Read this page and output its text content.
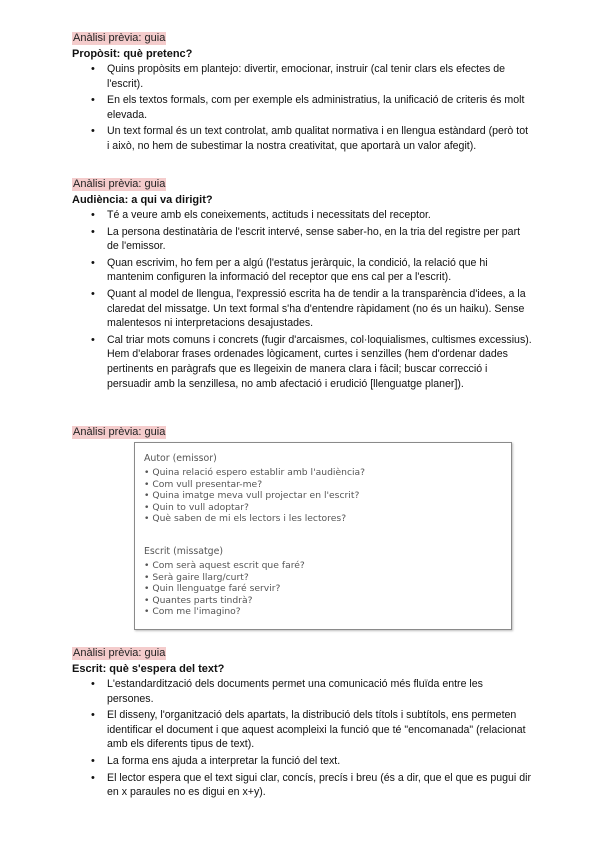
Anàlisi prèvia: guia
Propòsit: què pretenc?
• Quins propòsits em plantejo: divertir, emocionar, instruir (cal tenir clars els efectes de l'escrit).
• En els textos formals, com per exemple els administratius, la unificació de criteris és molt elevada.
• Un text formal és un text controlat, amb qualitat normativa i en llengua estàndard (però tot i això, no hem de subestimar la nostra creativitat, que aportarà un valor afegit).
Anàlisi prèvia: guia
Audiència: a qui va dirigit?
• Té a veure amb els coneixements, actituds i necessitats del receptor.
• La persona destinatària de l'escrit intervé, sense saber-ho, en la tria del registre per part de l'emissor.
• Quan escrivim, ho fem per a algú (l'estatus jeràrquic, la condició, la relació que hi mantenim configuren la informació del receptor que ens cal per a l'escrit).
• Quant al model de llengua, l'expressió escrita ha de tendir a la transparència d'idees, a la claredat del missatge. Un text formal s'ha d'entendre ràpidament (no és un haiku). Sense malentesos ni interpretacions desajustades.
• Cal triar mots comuns i concrets (fugir d'arcaismes, col·loquialismes, cultismes excessius). Hem d'elaborar frases ordenades lògicament, curtes i senzilles (hem d'ordenar dades pertinents en paràgrafs que es llegeixin de manera clara i fàcil; buscar correcció i persuadir amb la senzillesa, no amb afectació i erudició [llenguatge planer]).
Anàlisi prèvia: guia
Autor (emissor)
• Quina relació espero establir amb l'audiència?
• Com vull presentar-me?
• Quina imatge meva vull projectar en l'escrit?
• Quin to vull adoptar?
• Què saben de mi els lectors i les lectores?
Escrit (missatge)
• Com serà aquest escrit que faré?
• Serà gaire llarg/curt?
• Quin llenguatge faré servir?
• Quantes parts tindrà?
• Com me l'imagino?
Anàlisi prèvia: guia
Escrit: què s'espera del text?
• L'estandardització dels documents permet una comunicació més fluïda entre les persones.
• El disseny, l'organització dels apartats, la distribució dels títols i subtítols, ens permeten identificar el document i que aquest acompleixi la funció que té "encomanada" (relacionat amb els diferents tipus de text).
• La forma ens ajuda a interpretar la funció del text.
• El lector espera que el text sigui clar, concís, precís i breu (és a dir, que el que es pugui dir en x paraules no es digui en x+y).
